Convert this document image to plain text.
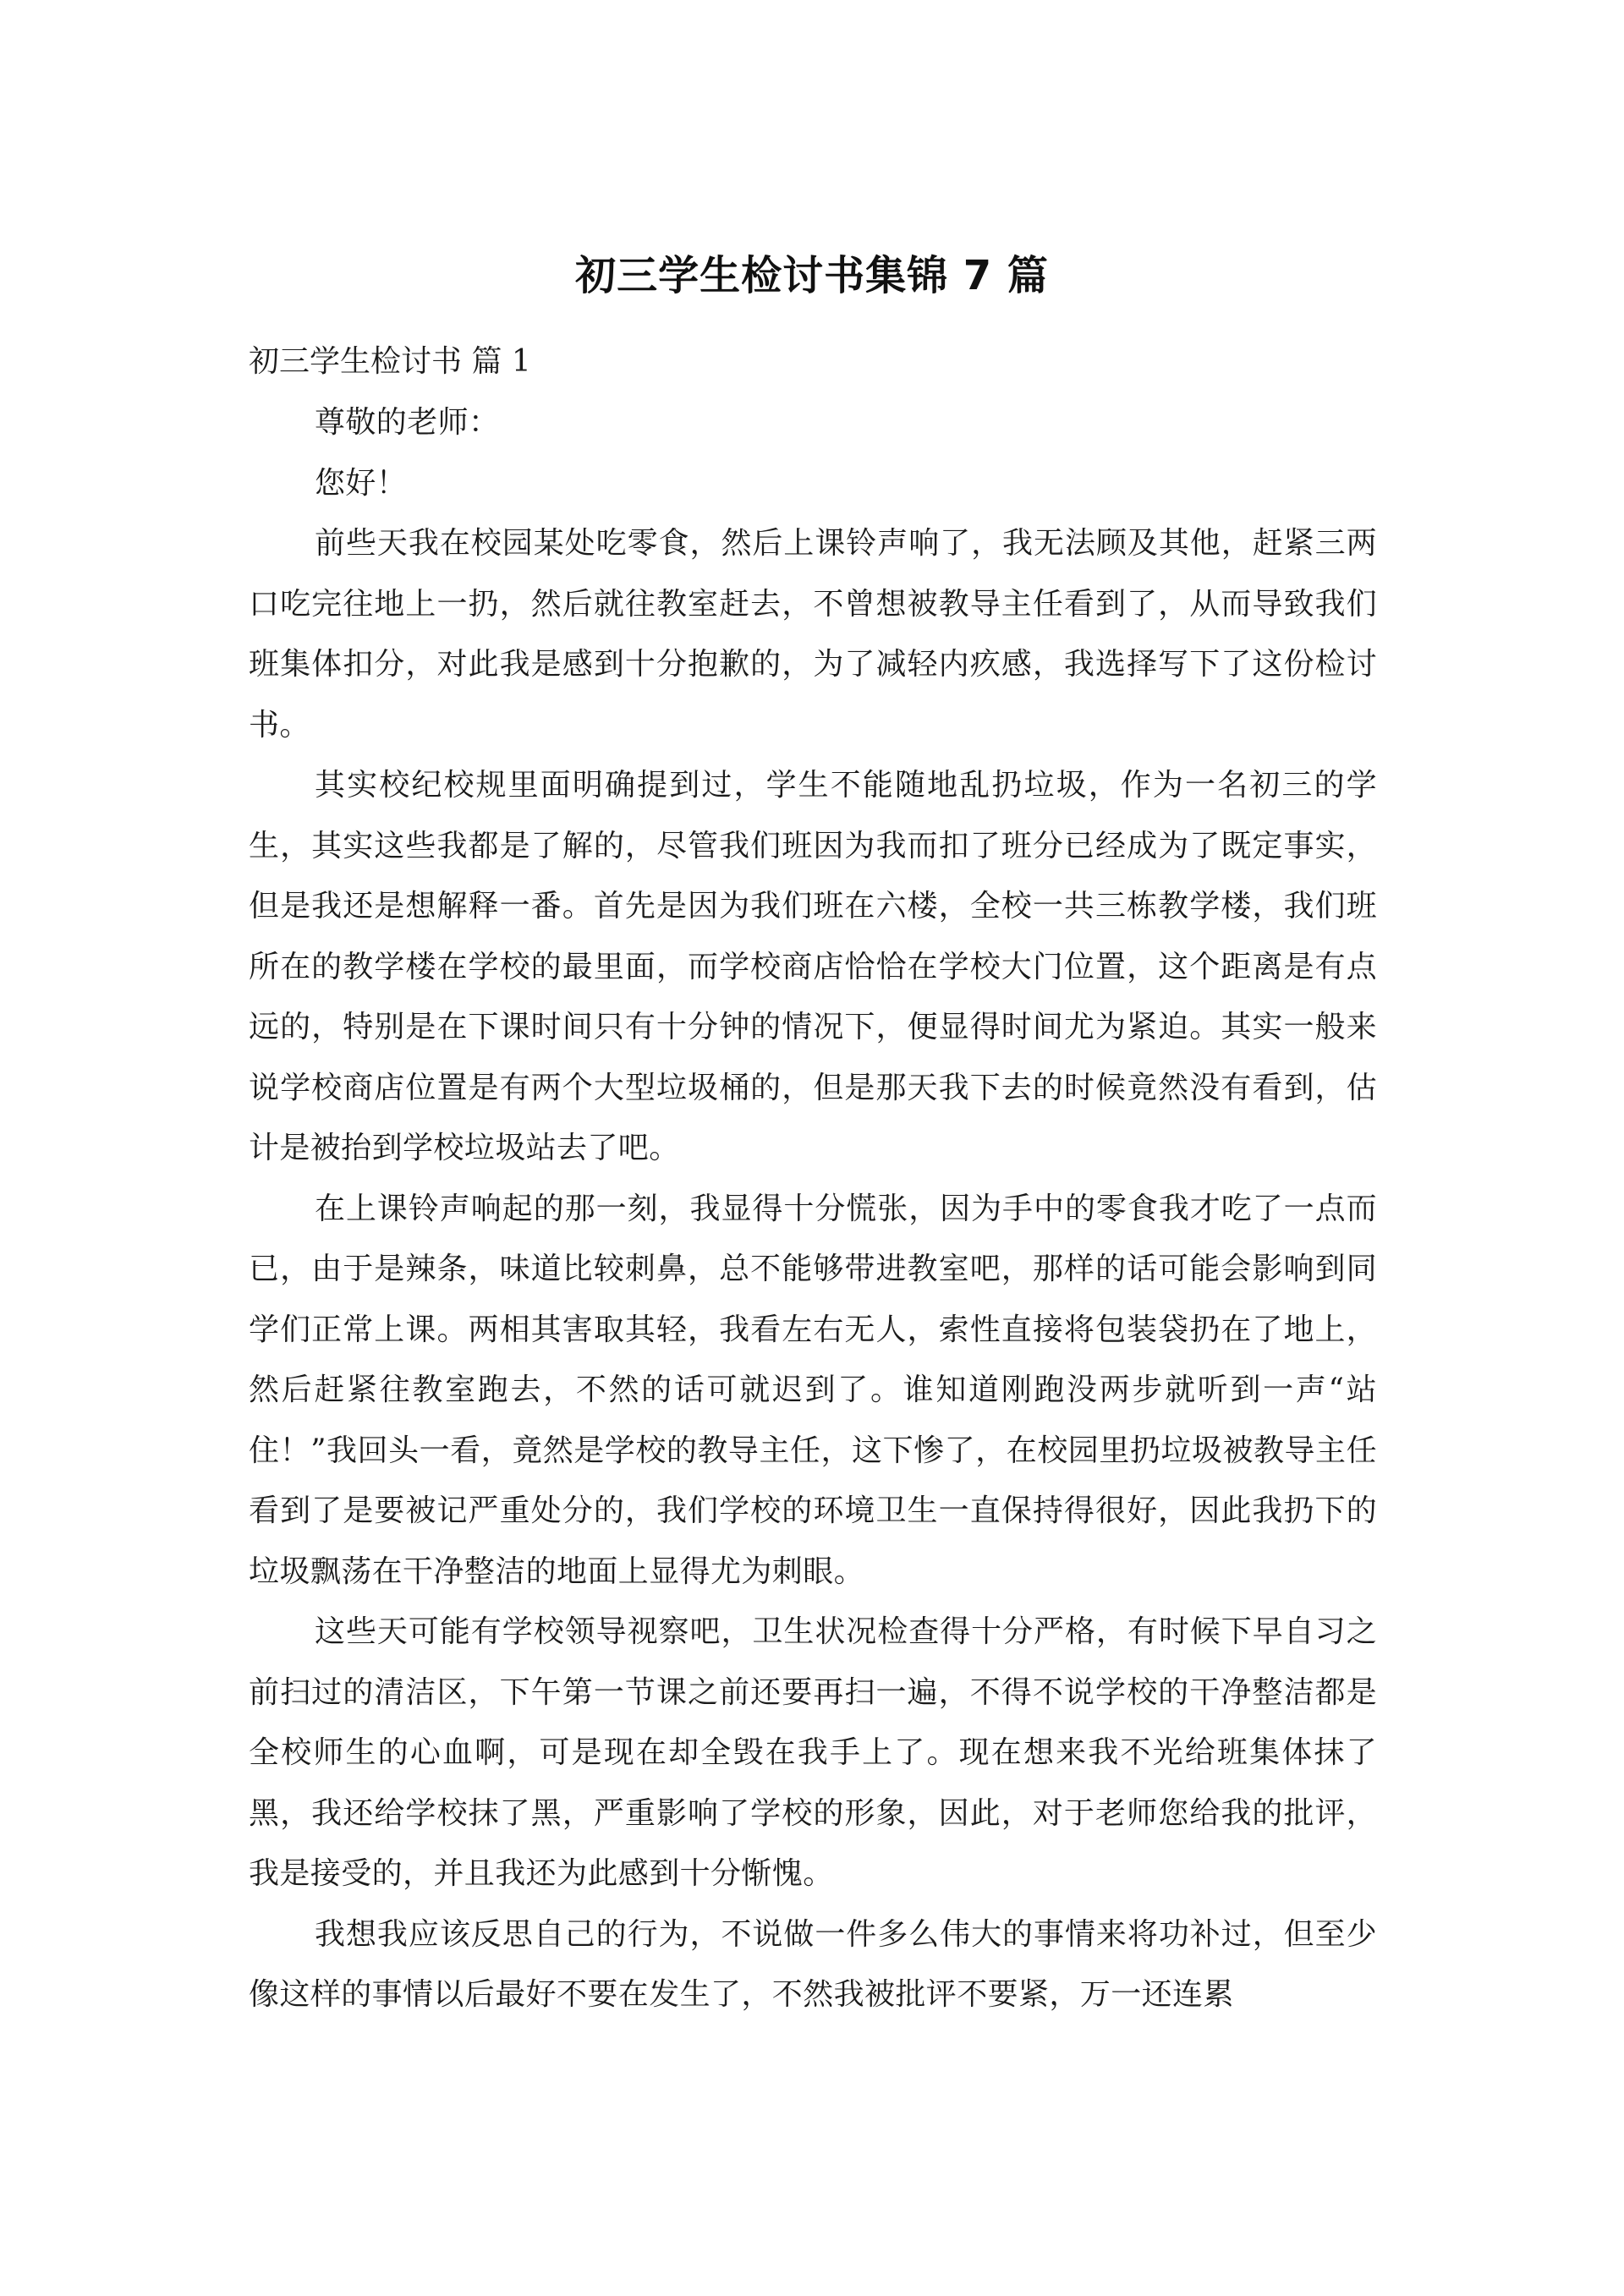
初三学生检讨书集锦 7 篇

初三学生检讨书 篇 1

尊敬的老师：

您好！

前些天我在校园某处吃零食，然后上课铃声响了，我无法顾及其他，赶紧三两口吃完往地上一扔，然后就往教室赶去，不曾想被教导主任看到了，从而导致我们班集体扣分，对此我是感到十分抱歉的，为了减轻内疚感，我选择写下了这份检讨书。

其实校纪校规里面明确提到过，学生不能随地乱扔垃圾，作为一名初三的学生，其实这些我都是了解的，尽管我们班因为我而扣了班分已经成为了既定事实，但是我还是想解释一番。首先是因为我们班在六楼，全校一共三栋教学楼，我们班所在的教学楼在学校的最里面，而学校商店恰恰在学校大门位置，这个距离是有点远的，特别是在下课时间只有十分钟的情况下，便显得时间尤为紧迫。其实一般来说学校商店位置是有两个大型垃圾桶的，但是那天我下去的时候竟然没有看到，估计是被抬到学校垃圾站去了吧。

在上课铃声响起的那一刻，我显得十分慌张，因为手中的零食我才吃了一点而已，由于是辣条，味道比较刺鼻，总不能够带进教室吧，那样的话可能会影响到同学们正常上课。两相其害取其轻，我看左右无人，索性直接将包装袋扔在了地上，然后赶紧往教室跑去，不然的话可就迟到了。谁知道刚跑没两步就听到一声“站住！”我回头一看，竟然是学校的教导主任，这下惨了，在校园里扔垃圾被教导主任看到了是要被记严重处分的，我们学校的环境卫生一直保持得很好，因此我扔下的垃圾飘荡在干净整洁的地面上显得尤为刺眼。

这些天可能有学校领导视察吧，卫生状况检查得十分严格，有时候下早自习之前扫过的清洁区，下午第一节课之前还要再扫一遍，不得不说学校的干净整洁都是全校师生的心血啊，可是现在却全毁在我手上了。现在想来我不光给班集体抹了黑，我还给学校抹了黑，严重影响了学校的形象，因此，对于老师您给我的批评，我是接受的，并且我还为此感到十分惭愧。

我想我应该反思自己的行为，不说做一件多么伟大的事情来将功补过，但至少像这样的事情以后最好不要在发生了，不然我被批评不要紧，万一还连累
